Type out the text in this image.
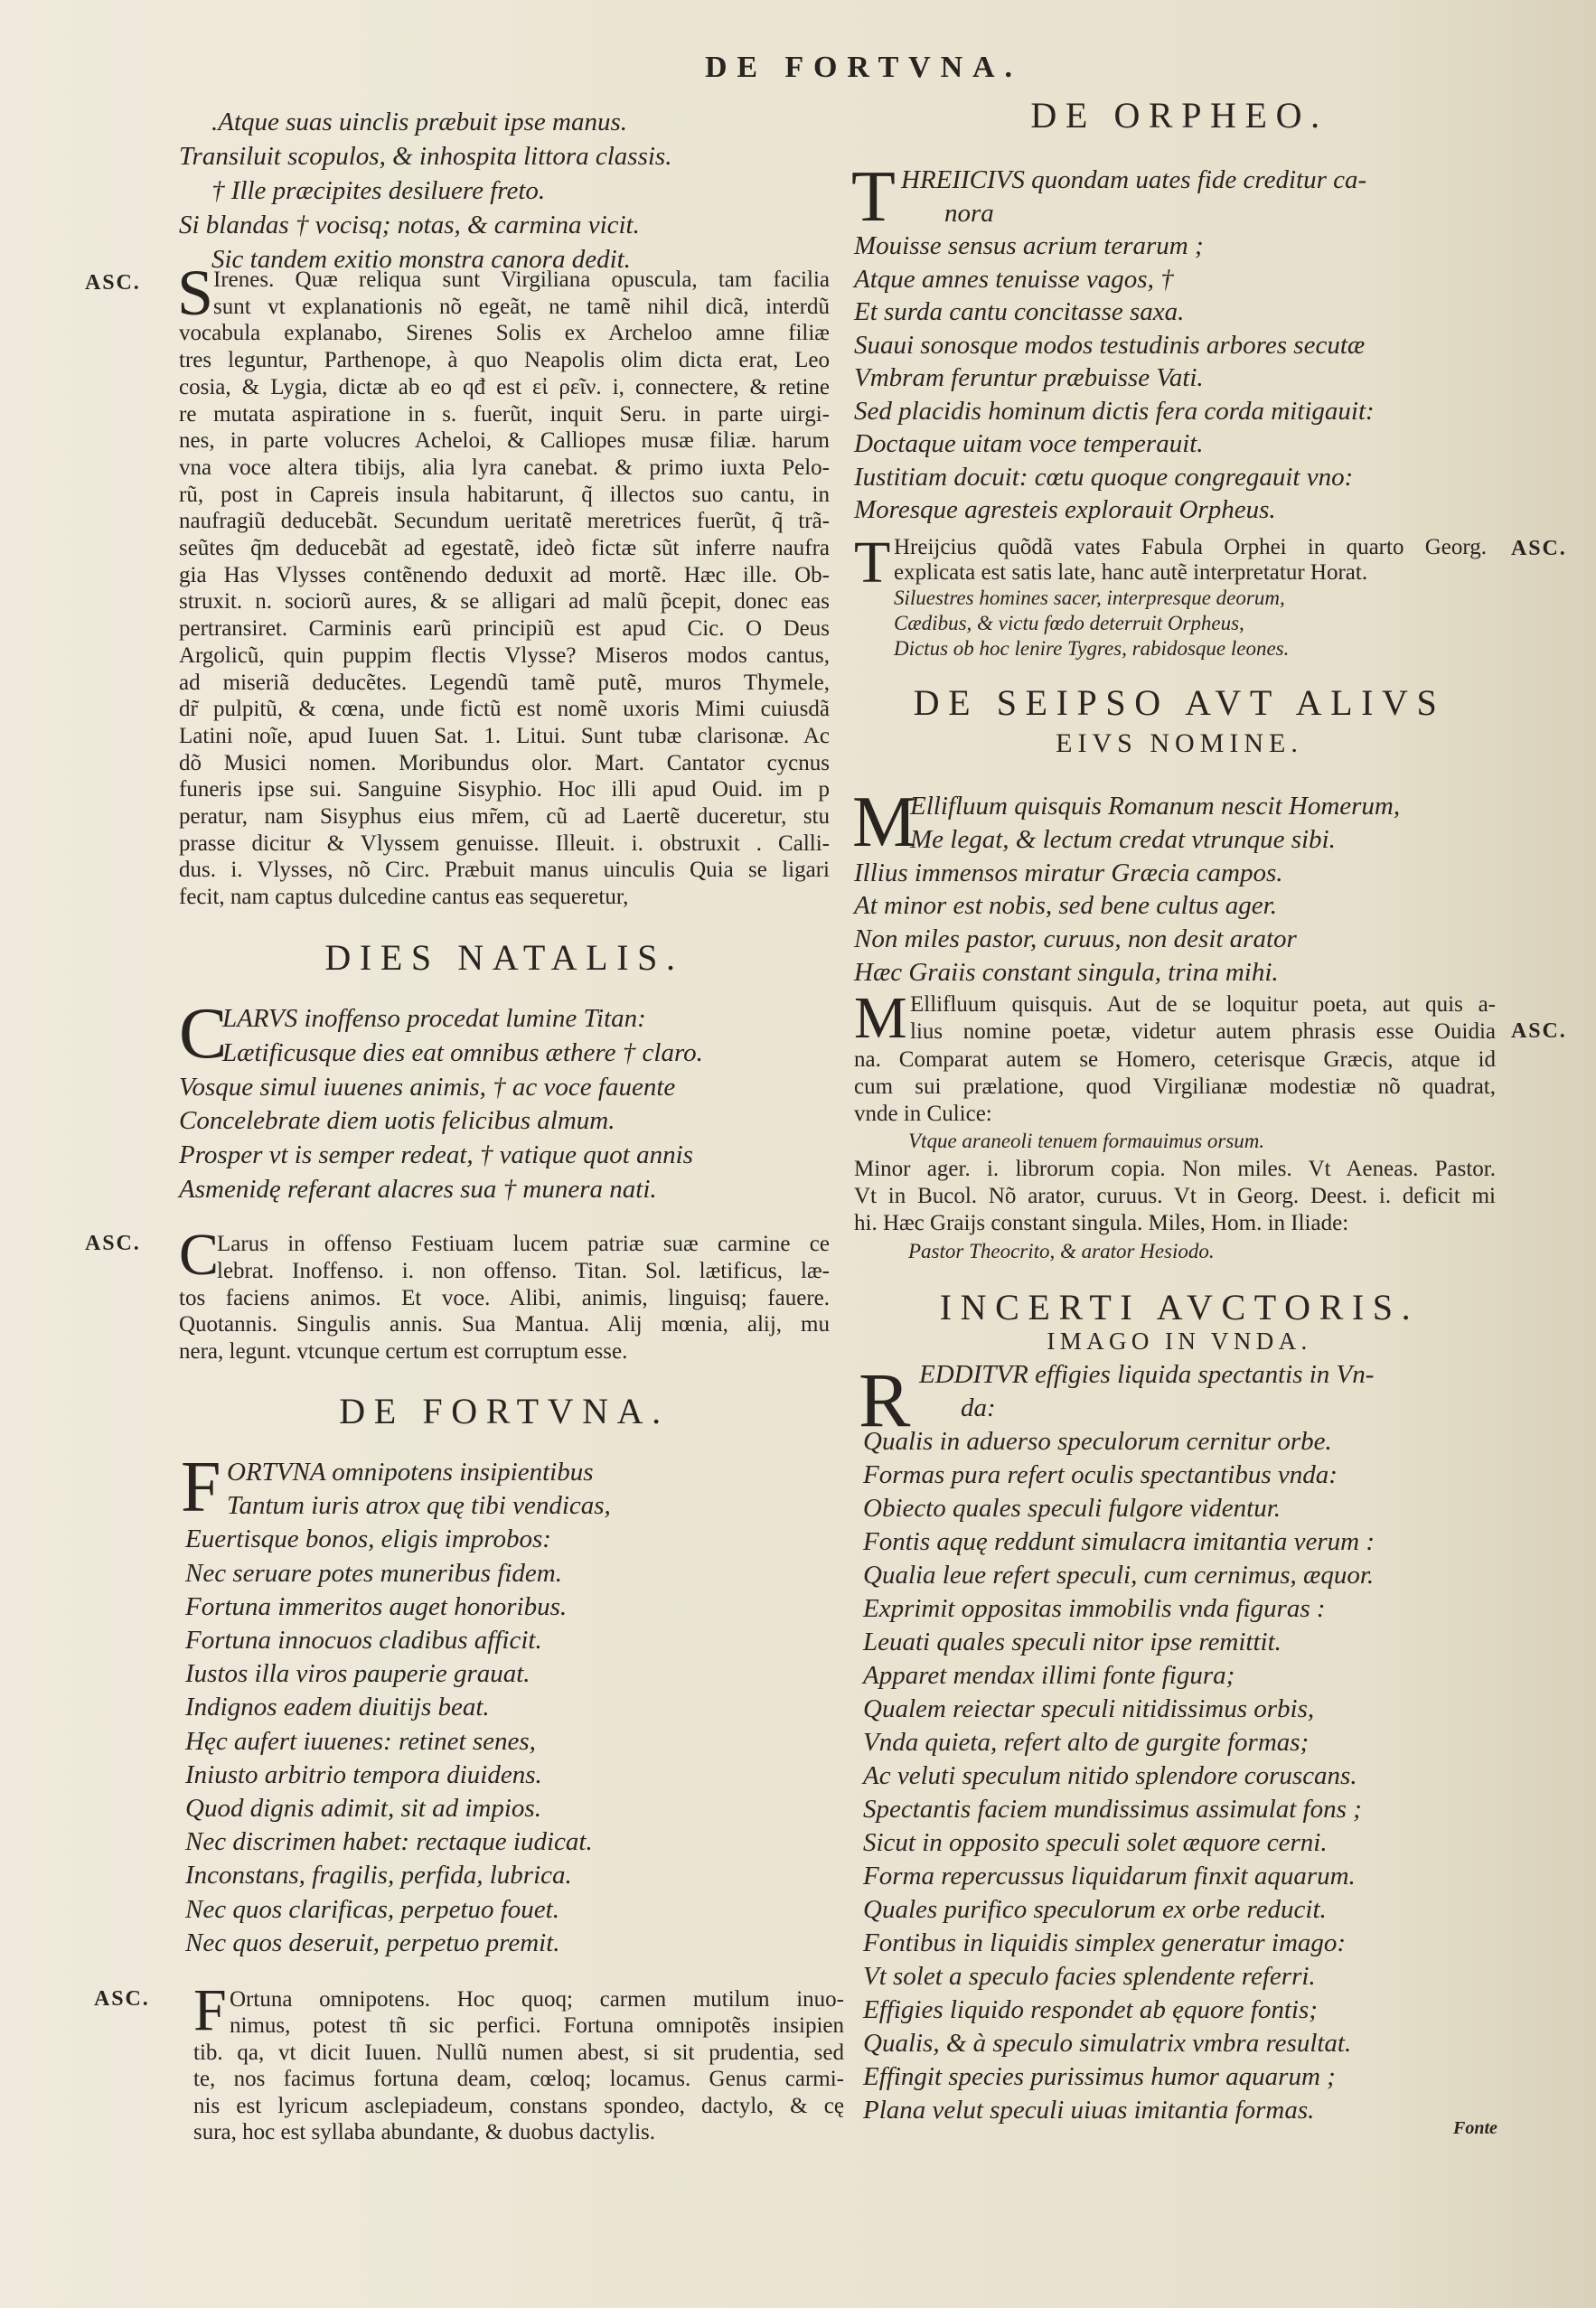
DE FORTVNA.
.Atque suas uinclis præbuit ipse manus.
Transiluit scopulos, & inhospita littora classis.
† Ille præcipites desiluere freto.
Si blandas † vocisq; notas, & carmina vicit.
Sic tandem exitio monstra canora dedit.
ASC. S Irenes. Quæ reliqua sunt Virgiliana opuscula, tam facilia
sunt vt explanationis nõ egeãt, ne tamẽ nihil dicã, interdũ
vocabula explanabo, Sirenes Solis ex Archeloo amne filiæ
tres leguntur, Parthenope, à quo Neapolis olim dicta erat, Leo
cosia, & Lygia, dictæ ab eo qđ est εἰ ρεῖν. i, connectere, & retine
re mutata aspiratione in s. fuerũt, inquit Seru. in parte uirgi-
nes, in parte volucres Acheloi, & Calliopes musæ filiæ. harum
vna voce altera tibijs, alia lyra canebat. & primo iuxta Pelo-
rũ, post in Capreis insula habitarunt, q̃ illectos suo cantu, in
naufragiũ deducebãt. Secundum ueritatẽ meretrices fuerũt, q̃ trã-
seũtes q̃m deducebãt ad egestatẽ, ideò fictæ sũt inferre naufra
gia Has Vlysses contẽnendo deduxit ad mortẽ. Hæc ille. Ob-
struxit. n. sociorũ aures, & se alligari ad malũ p̃cepit, donec eas
pertransiret. Carminis earũ principiũ est apud Cic. O Deus
Argolicũ, quin puppim flectis Vlysse? Miseros modos cantus,
ad miseriã deducẽtes. Legendũ tamẽ putẽ, muros Thymele,
dr̃ pulpitũ, & cœna, unde fictũ est nomẽ uxoris Mimi cuiusdã
Latini noĩe, apud Iuuen Sat. 1. Litui. Sunt tubæ clarisonæ. Ac
dõ Musici nomen. Moribundus olor. Mart. Cantator cycnus
funeris ipse sui. Sanguine Sisyphio. Hoc illi apud Ouid. im p
peratur, nam Sisyphus eius mr̃em, cũ ad Laertẽ duceretur, stu
prasse dicitur & Vlyssem genuisse. Illeuit. i. obstruxit . Calli-
dus. i. Vlysses, nõ Circ. Præbuit manus uinculis Quia se ligari
fecit, nam captus dulcedine cantus eas sequeretur,
DIES NATALIS.
C
LARVS inoffenso procedat lumine Titan:
Lætificusque dies eat omnibus æthere † claro.
Vosque simul iuuenes animis, † ac voce fauente
Concelebrate diem uotis felicibus almum.
Prosper vt is semper redeat, † vatique quot annis
Asmenidę referant alacres sua † munera nati.
ASC. C
Larus in offenso Festiuam lucem patriæ suæ carmine ce
lebrat. Inoffenso. i. non offenso. Titan. Sol. lætificus, læ-
tos faciens animos. Et voce. Alibi, animis, linguisq; fauere.
Quotannis. Singulis annis. Sua Mantua. Alij mœnia, alij, mu
nera, legunt. vtcunque certum est corruptum esse.
DE FORTVNA.
F ORTVNA omnipotens insipientibus
Tantum iuris atrox quę tibi vendicas,
Euertisque bonos, eligis improbos:
Nec seruare potes muneribus fidem.
Fortuna immeritos auget honoribus.
Fortuna innocuos cladibus afficit.
Iustos illa viros pauperie grauat.
Indignos eadem diuitijs beat.
Hęc aufert iuuenes: retinet senes,
Iniusto arbitrio tempora diuidens.
Quod dignis adimit, sit ad impios.
Nec discrimen habet: rectaque iudicat.
Inconstans, fragilis, perfida, lubrica.
Nec quos clarificas, perpetuo fouet.
Nec quos deseruit, perpetuo premit.
ASC. F Ortuna omnipotens. Hoc quoq; carmen mutilum inuo-
nimus, potest tñ sic perfici. Fortuna omnipotẽs insipien
tib. qa, vt dicit Iuuen. Nullũ numen abest, si sit prudentia, sed
te, nos facimus fortuna deam, cœloq; locamus. Genus carmi-
nis est lyricum asclepiadeum, constans spondeo, dactylo, & cę
sura, hoc est syllaba abundante, & duobus dactylis.
DE ORPHEO.
T HREIICIVS quondam uates fide creditur ca-
nora
Mouisse sensus acrium terarum ;
Atque amnes tenuisse vagos, †
Et surda cantu concitasse saxa.
Suaui sonosque modos testudinis arbores secutæ
Vmbram feruntur præbuisse Vati.
Sed placidis hominum dictis fera corda mitigauit:
Doctaque uitam voce temperauit.
Iustitiam docuit: cœtu quoque congregauit vno:
Moresque agresteis explorauit Orpheus.
ASC.
T Hreijcius quõdã vates Fabula Orphei in quarto Georg.
explicata est satis late, hanc autẽ interpretatur Horat.
Siluestres homines sacer, interpresque deorum,
Cædibus, & victu fœdo deterruit Orpheus,
Dictus ob hoc lenire Tygres, rabidosque leones.
DE SEIPSO AVT ALIVS
EIVS NOMINE.
M
Ellifluum quisquis Romanum nescit Homerum,
Me legat, & lectum credat vtrunque sibi.
Illius immensos miratur Græcia campos.
At minor est nobis, sed bene cultus ager.
Non miles pastor, curuus, non desit arator
Hæc Graiis constant singula, trina mihi.
ASC.
M Ellifluum quisquis. Aut de se loquitur poeta, aut quis a-
lius nomine poetæ, videtur autem phrasis esse Ouidia
na. Comparat autem se Homero, ceterisque Græcis, atque id
cum sui prælatione, quod Virgilianæ modestiæ nõ quadrat,
vnde in Culice:
Vtque araneoli tenuem formauimus orsum.
Minor ager. i. librorum copia. Non miles. Vt Aeneas. Pastor.
Vt in Bucol. Nõ arator, curuus. Vt in Georg. Deest. i. deficit mi
hi. Hæc Graijs constant singula. Miles, Hom. in Iliade:
Pastor Theocrito, & arator Hesiodo.
INCERTI AVCTORIS.
IMAGO IN VNDA.
R EDDITVR effigies liquida spectantis in Vn-
da:
Qualis in aduerso speculorum cernitur orbe.
Formas pura refert oculis spectantibus vnda:
Obiecto quales speculi fulgore videntur.
Fontis aquę reddunt simulacra imitantia verum :
Qualia leue refert speculi, cum cernimus, æquor.
Exprimit oppositas immobilis vnda figuras :
Leuati quales speculi nitor ipse remittit.
Apparet mendax illimi fonte figura;
Qualem reiectar speculi nitidissimus orbis,
Vnda quieta, refert alto de gurgite formas;
Ac veluti speculum nitido splendore coruscans.
Spectantis faciem mundissimus assimulat fons ;
Sicut in opposito speculi solet æquore cerni.
Forma repercussus liquidarum finxit aquarum.
Quales purifico speculorum ex orbe reducit.
Fontibus in liquidis simplex generatur imago:
Vt solet a speculo facies splendente referri.
Effigies liquido respondet ab ęquore fontis;
Qualis, & à speculo simulatrix vmbra resultat.
Effingit species purissimus humor aquarum ;
Plana velut speculi uiuas imitantia formas.
Fonte
